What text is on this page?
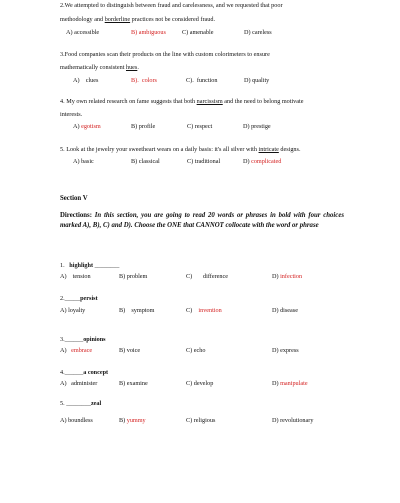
2.We attempted to distinguish between fraud and carelessness, and we requested that poor
methodology and borderline practices not be considered fraud.
A) accessible	B) ambiguous	C) amenable	D) careless
3.Food companies scan their products on the line with custom colorimeters to ensure
mathematically consistent hues.
A)    clues	B).  colors	C).  function	D) quality
4. My own related research on fame suggests that both narcissism and the need to belong motivate
interests.
A) egotism	B) profile	C) respect	D) prestige
5. Look at the jewelry your sweetheart wears on a daily basis: it's all silver with intricate designs.
A) basic	B) classical	C) traditional	D) complicated
Section V
Directions: In this section, you are going to read 20 words or phrases in bold with four choices marked A), B), C) and D). Choose the ONE that CANNOT collocate with the word or phrase
1. highlight ________
A)    tension	B) problem	C)       difference	D) infection
2._____persist
A) loyalty	B)    symptom	C)    invention	D) disease
3.______opinions
A)   embrace	B) voice	C) echo	D) express
4.______a concept
A)   administer	B) examine	C) develop	D) manipulate
5. ________zeal
A) boundless	B) yummy	C) religious	D) revolutionary
